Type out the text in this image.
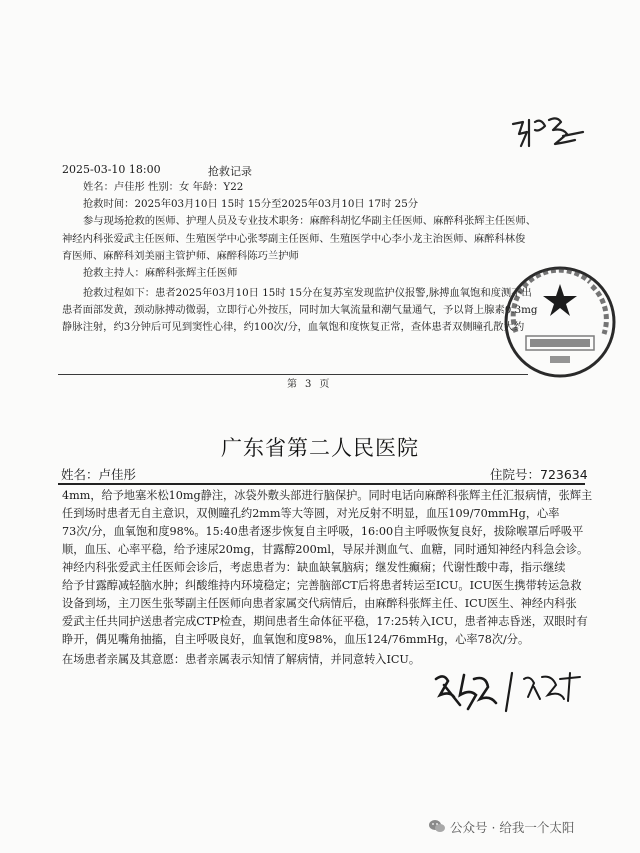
2025-03-10 18:00	抢救记录
姓名：卢佳彤 性别：女 年龄：Y22
抢救时间：2025年03月10日 15时 15分至2025年03月10日 17时 25分
参与现场抢救的医师、护理人员及专业技术职务：麻醉科胡忆华副主任医师、麻醉科张辉主任医师、
神经内科张爱武主任医师、生殖医学中心张琴副主任医师、生殖医学中心李小龙主治医师、麻醉科林俊
育医师、麻醉科刘美丽主管护师、麻醉科陈巧兰护师
抢救主持人：麻醉科张辉主任医师
抢救过程如下：患者2025年03月10日 15时 15分在复苏室发现监护仪报警,脉搏血氧饱和度测不出
患者面部发黄，颈动脉搏动微弱，立即行心外按压，同时加大氧流量和潮气量通气，予以肾上腺素0.3mg
静脉注射，约3分钟后可见到窦性心律，约100次/分，血氧饱和度恢复正常，查体患者双侧瞳孔散大约
第 3 页
广东省第二人民医院
姓名：卢佳彤	住院号：723634
4mm，给予地塞米松10mg静注，冰袋外敷头部进行脑保护。同时电话向麻醉科张辉主任汇报病情，张辉主
任到场时患者无自主意识，双侧瞳孔约2mm等大等圆，对光反射不明显，血压109/70mmHg，心率
73次/分，血氧饱和度98%。15:40患者逐步恢复自主呼吸，16:00自主呼吸恢复良好，拔除喉罩后呼吸平
顺，血压、心率平稳，给予速尿20mg，甘露醇200ml，导尿并测血气、血糖，同时通知神经内科急会诊。
神经内科张爱武主任医师会诊后，考虑患者为：缺血缺氧脑病；继发性癫痫；代谢性酸中毒，指示继续
给予甘露醇减轻脑水肿；纠酸维持内环境稳定；完善脑部CT后将患者转运至ICU。ICU医生携带转运急救
设备到场，主刀医生张琴副主任医师向患者家属交代病情后，由麻醉科张辉主任、ICU医生、神经内科张
爱武主任共同护送患者完成CTP检查，期间患者生命体征平稳，17:25转入ICU，患者神志昏迷，双眼时有
睁开，偶见嘴角抽搐，自主呼吸良好，血氧饱和度98%，血压124/76mmHg，心率78次/分。
在场患者亲属及其意愿：患者亲属表示知情了解病情，并同意转入ICU。
公众号 · 给我一个太阳
